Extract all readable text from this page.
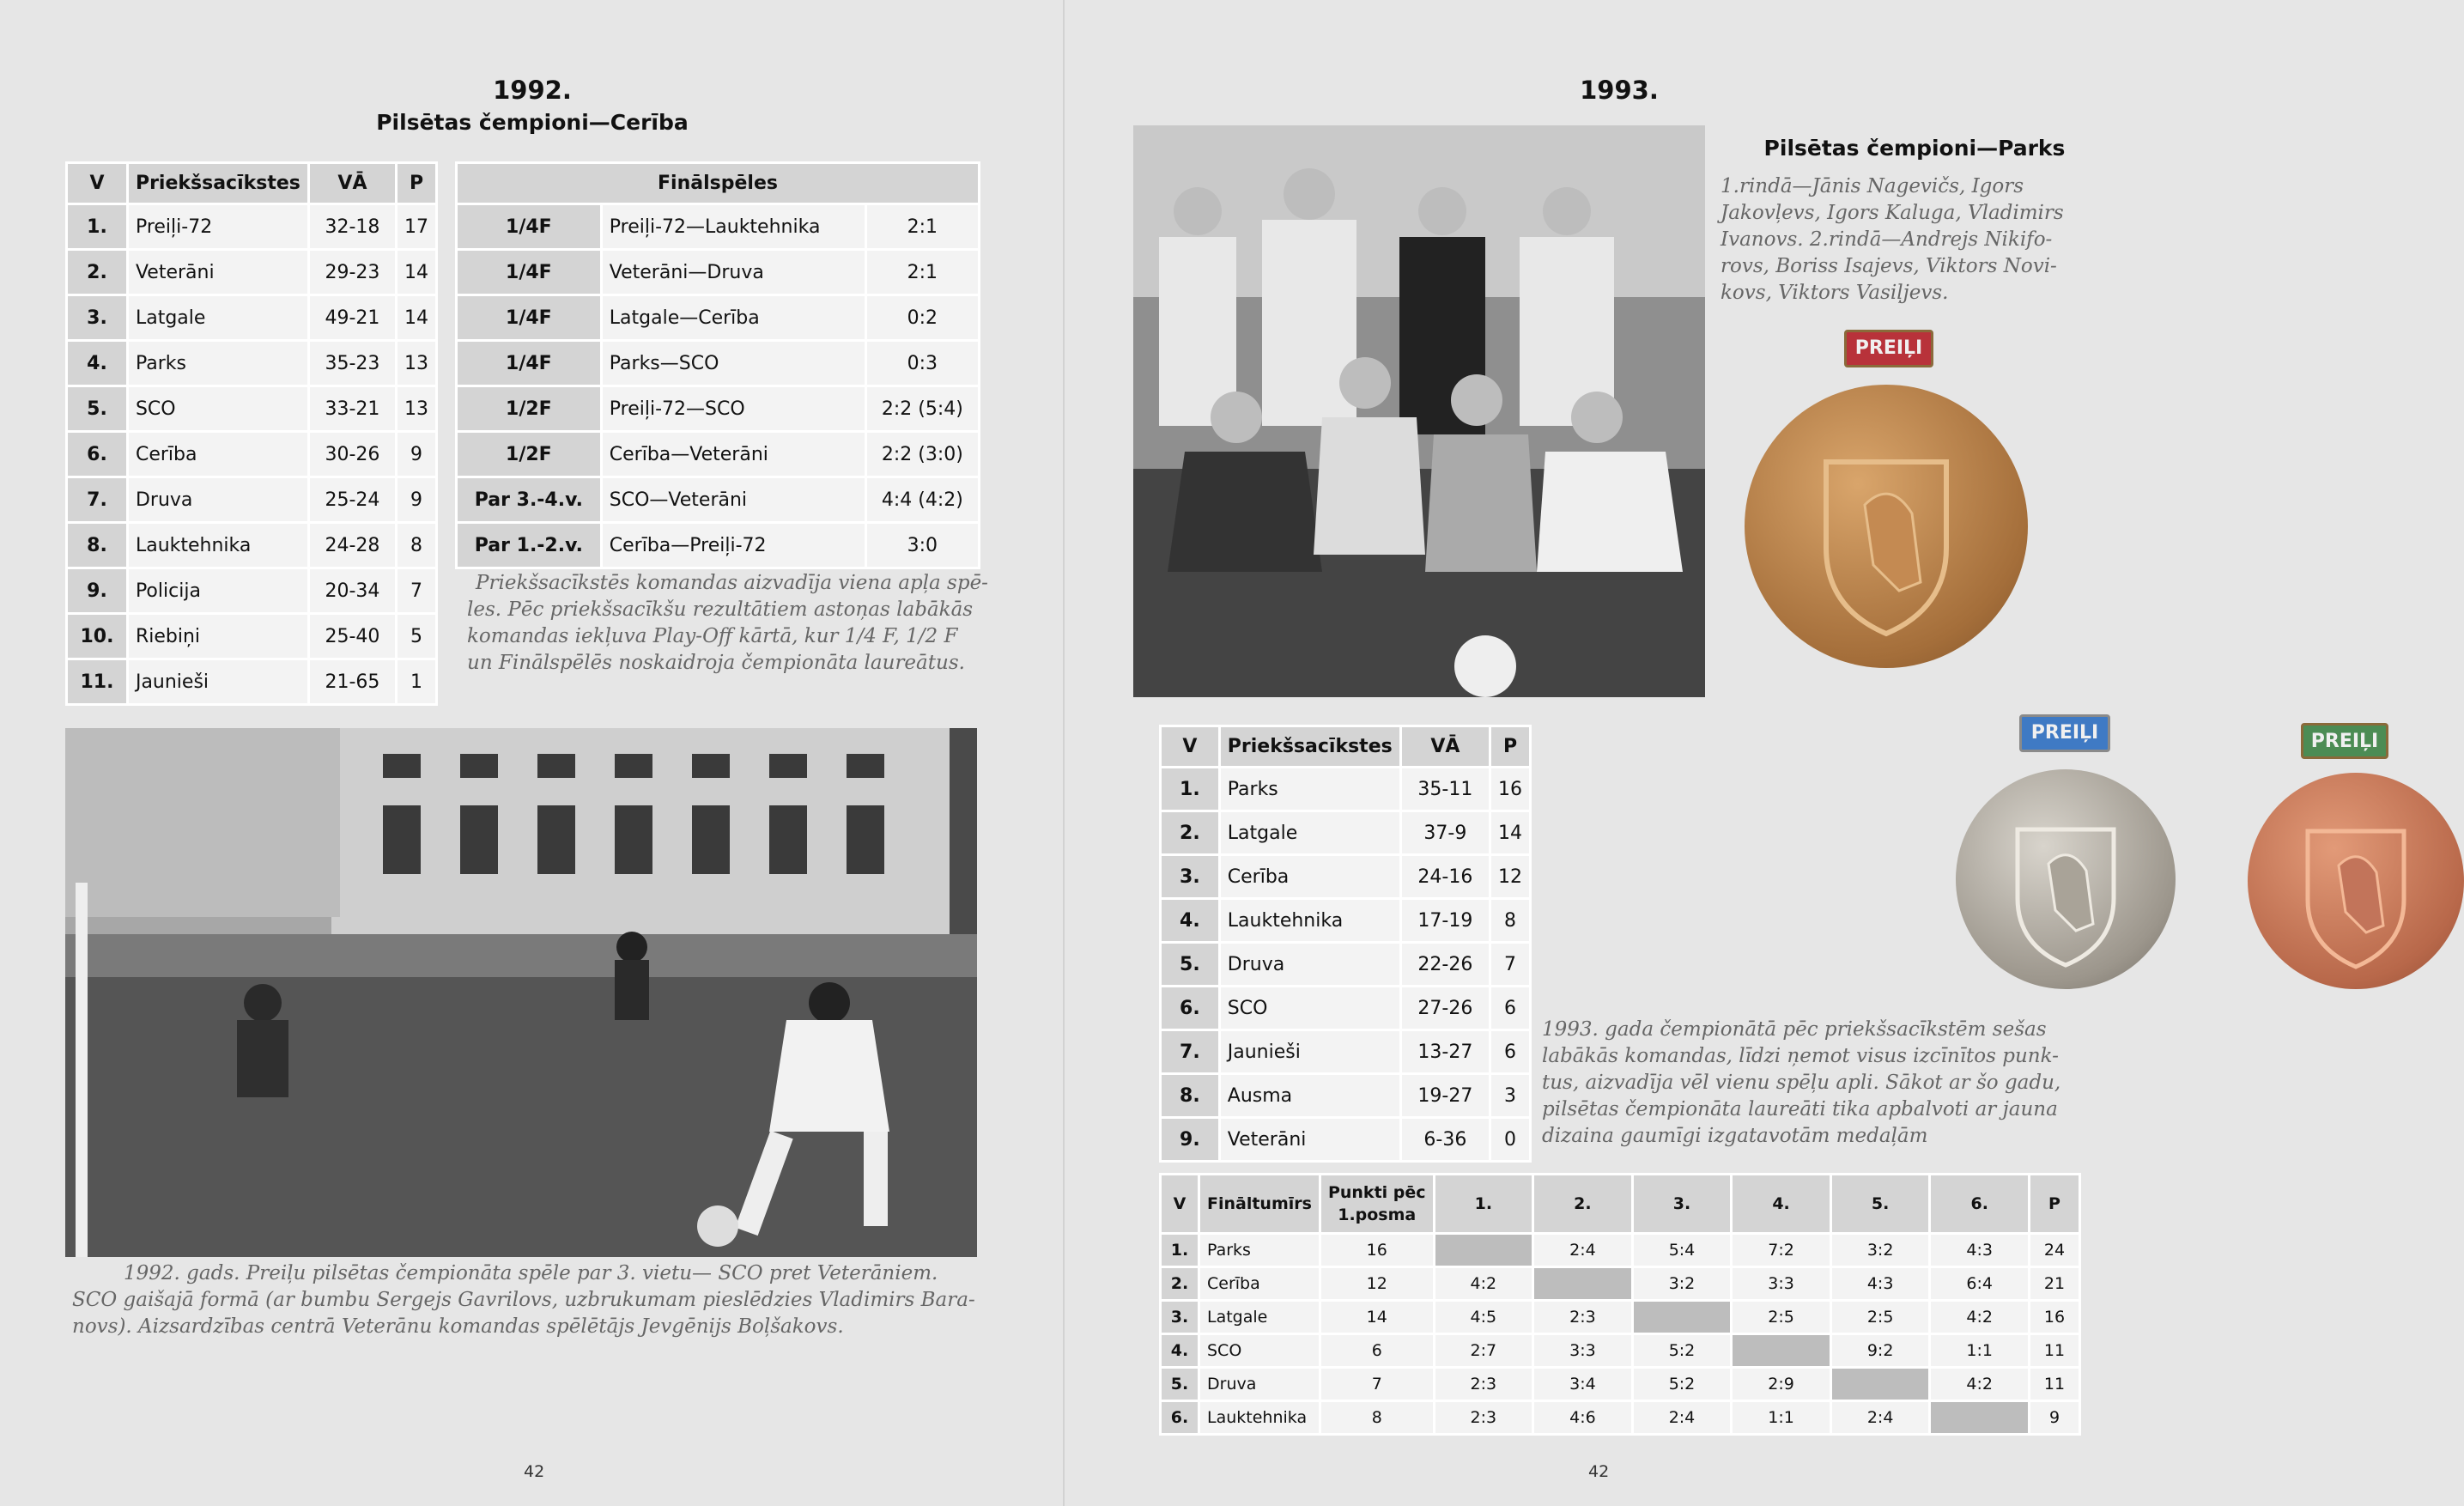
1992.
Pilsētas čempioni—Cerība
V	Priekšsacīkstes	VĀ	P
1.	Preiļi-72	32-18	17
2.	Veterāni	29-23	14
3.	Latgale	49-21	14
4.	Parks	35-23	13
5.	SCO	33-21	13
6.	Cerība	30-26	9
7.	Druva	25-24	9
8.	Lauktehnika	24-28	8
9.	Policija	20-34	7
10.	Riebiņi	25-40	5
11.	Jaunieši	21-65	1
Finālspēles		
1/4F	Preiļi-72—Lauktehnika	2:1
1/4F	Veterāni—Druva	2:1
1/4F	Latgale—Cerība	0:2
1/4F	Parks—SCO	0:3
1/2F	Preiļi-72—SCO	2:2 (5:4)
1/2F	Cerība—Veterāni	2:2 (3:0)
Par 3.-4.v.	SCO—Veterāni	4:4 (4:2)
Par 1.-2.v.	Cerība—Preiļi-72	3:0
Priekšsacīkstēs komandas aizvadīja viena apļa spē-
les. Pēc priekšsacīkšu rezultātiem astoņas labākās
komandas iekļuva Play-Off kārtā, kur 1/4 F, 1/2 F
un Finālspēlēs noskaidroja čempionāta laureātus.
1992. gads. Preiļu pilsētas čempionāta spēle par 3. vietu— SCO pret Veterāniem.
SCO gaišajā formā (ar bumbu Sergejs Gavrilovs, uzbrukumam pieslēdzies Vladimirs Bara-
novs). Aizsardzības centrā Veterānu komandas spēlētājs Jevgēnijs Boļšakovs.
42
1993.
Pilsētas čempioni—Parks
1.rindā—Jānis Nagevičs, Igors
Jakovļevs, Igors Kaluga, Vladimirs
Ivanovs. 2.rindā—Andrejs Nikifo-
rovs, Boriss Isajevs, Viktors Novi-
kovs, Viktors Vasiļjevs.
PREIĻI
PREIĻI	PREIĻI
V	Priekšsacīkstes	VĀ	P
1.	Parks	35-11	16
2.	Latgale	37-9	14
3.	Cerība	24-16	12
4.	Lauktehnika	17-19	8
5.	Druva	22-26	7
6.	SCO	27-26	6
7.	Jaunieši	13-27	6
8.	Ausma	19-27	3
9.	Veterāni	6-36	0
1993. gada čempionātā pēc priekšsacīkstēm sešas
labākās komandas, līdzi ņemot visus izcīnītos punk-
tus, aizvadīja vēl vienu spēļu apli. Sākot ar šo gadu,
pilsētas čempionāta laureāti tika apbalvoti ar jauna
dizaina gaumīgi izgatavotām medaļām
V	Fināltumīrs	Punkti pēc
1.posma	1.	2.	3.	4.	5.	6.	P
1.	Parks	16		2:4	5:4	7:2	3:2	4:3	24
2.	Cerība	12	4:2		3:2	3:3	4:3	6:4	21
3.	Latgale	14	4:5	2:3		2:5	2:5	4:2	16
4.	SCO	6	2:7	3:3	5:2		9:2	1:1	11
5.	Druva	7	2:3	3:4	5:2	2:9		4:2	11
6.	Lauktehnika	8	2:3	4:6	2:4	1:1	2:4		9
42
